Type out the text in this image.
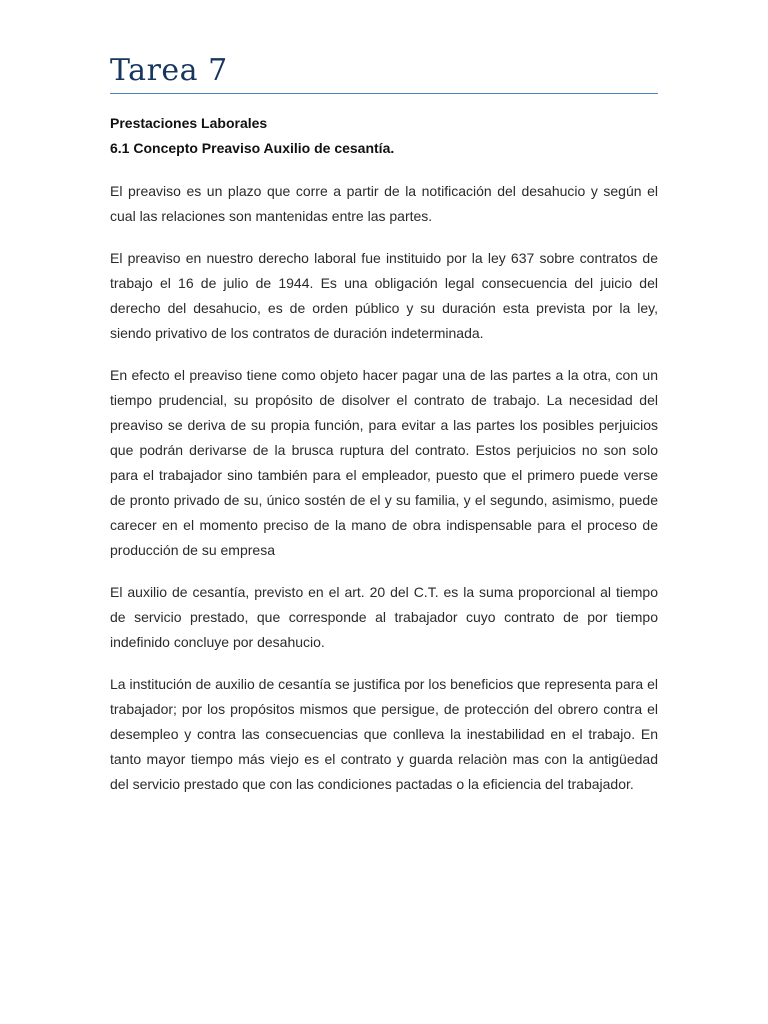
Tarea 7
Prestaciones Laborales
6.1 Concepto Preaviso Auxilio de cesantía.

El preaviso es un plazo que corre a partir de la notificación del desahucio y según el cual las relaciones son mantenidas entre las partes.

El preaviso en nuestro derecho laboral fue instituido por la ley 637 sobre contratos de trabajo el 16 de julio de 1944. Es una obligación legal consecuencia del juicio del derecho del desahucio, es de orden público y su duración esta prevista por la ley, siendo privativo de los contratos de duración indeterminada.

En efecto el preaviso tiene como objeto hacer pagar una de las partes a la otra, con un tiempo prudencial, su propósito de disolver el contrato de trabajo. La necesidad del preaviso se deriva de su propia función, para evitar a las partes los posibles perjuicios que podrán derivarse de la brusca ruptura del contrato. Estos perjuicios no son solo para el trabajador sino también para el empleador, puesto que el primero puede verse de pronto privado de su, único sostén de el y su familia, y el segundo, asimismo, puede carecer en el momento preciso de la mano de obra indispensable para el proceso de producción de su empresa

El auxilio de cesantía, previsto en el art. 20 del C.T. es la suma proporcional al tiempo de servicio prestado, que corresponde al trabajador cuyo contrato de por tiempo indefinido concluye por desahucio.

La institución de auxilio de cesantía se justifica por los beneficios que representa para el trabajador; por los propósitos mismos que persigue, de protección del obrero contra el desempleo y contra las consecuencias que conlleva la inestabilidad en el trabajo. En tanto mayor tiempo más viejo es el contrato y guarda relaciòn mas con la antigüedad del servicio prestado que con las condiciones pactadas o la eficiencia del trabajador.
